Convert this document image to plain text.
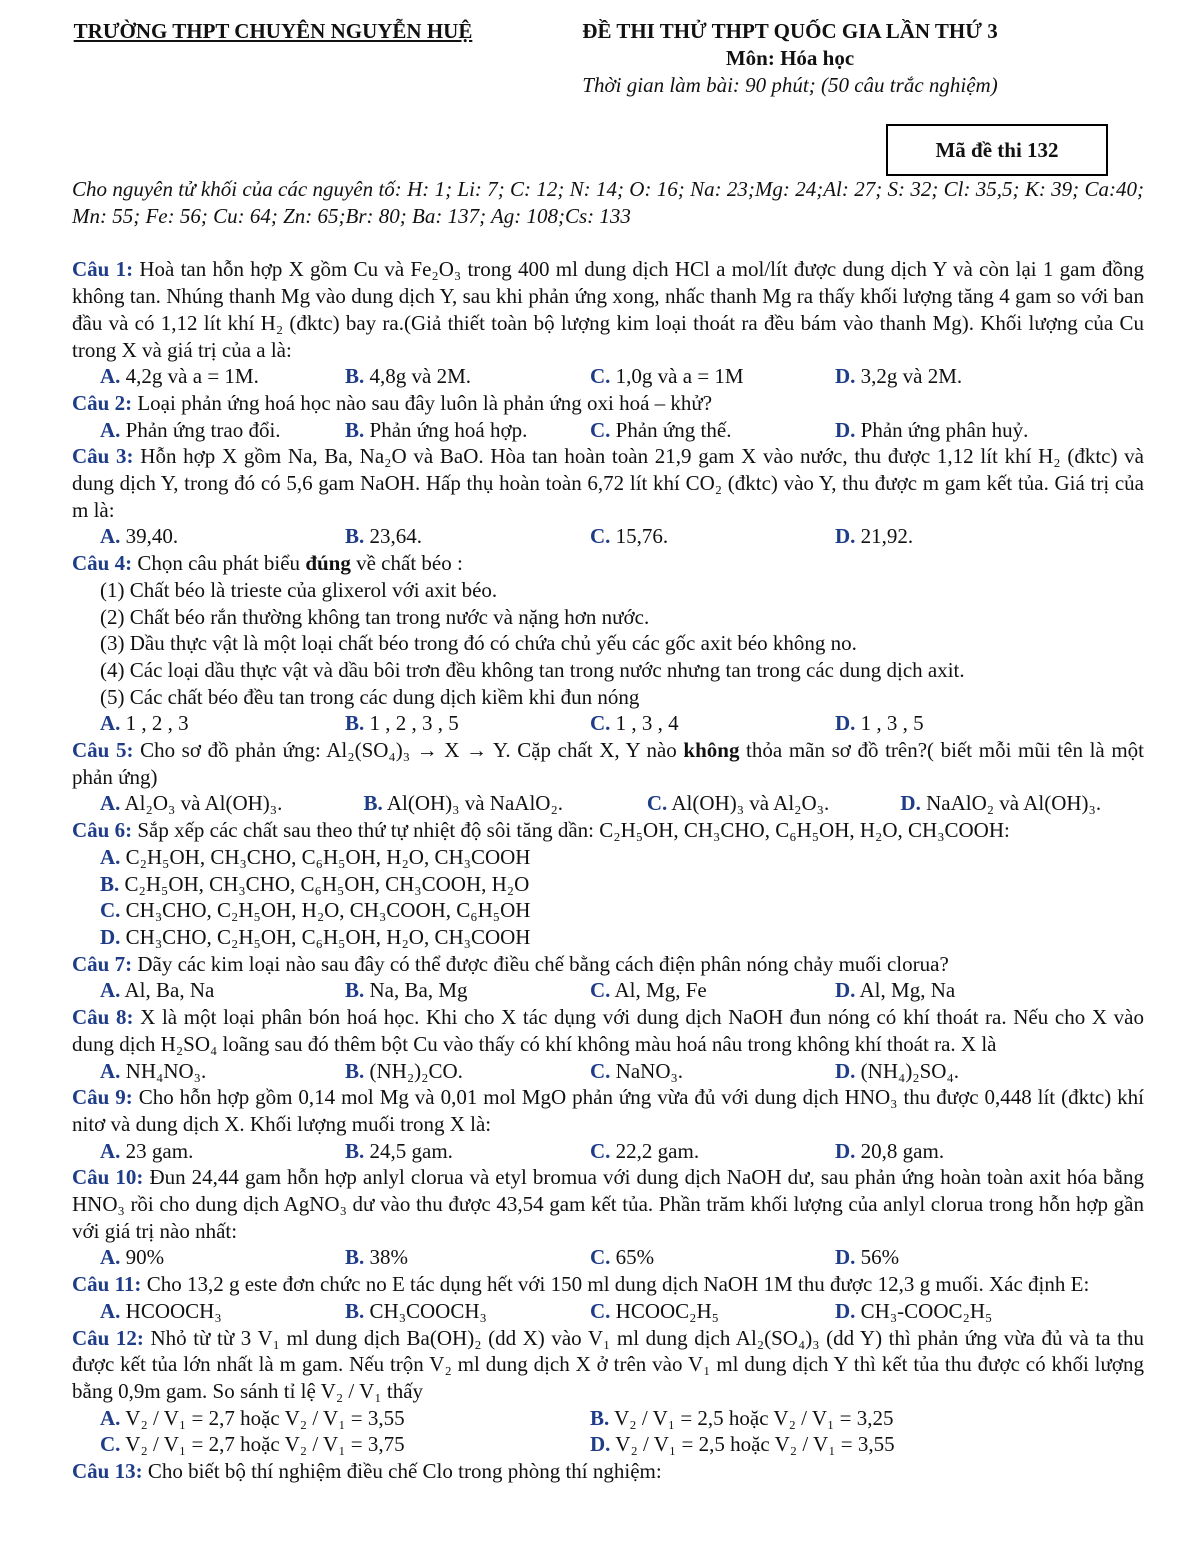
TRƯỜNG THPT CHUYÊN NGUYỄN HUỆ	ĐỀ THI THỬ THPT QUỐC GIA LẦN THỨ 3
Môn: Hóa học
Thời gian làm bài: 90 phút; (50 câu trắc nghiệm)
Mã đề thi 132

Cho nguyên tử khối của các nguyên tố: H: 1; Li: 7; C: 12; N: 14; O: 16; Na: 23;Mg: 24;Al: 27; S: 32; Cl: 35,5; K: 39; Ca:40; Mn: 55; Fe: 56; Cu: 64; Zn: 65;Br: 80; Ba: 137; Ag: 108;Cs: 133

Câu 1: Hoà tan hỗn hợp X gồm Cu và Fe₂O₃ trong 400 ml dung dịch HCl a mol/lít được dung dịch Y và còn lại 1 gam đồng không tan. Nhúng thanh Mg vào dung dịch Y, sau khi phản ứng xong, nhấc thanh Mg ra thấy khối lượng tăng 4 gam so với ban đầu và có 1,12 lít khí H₂ (đktc) bay ra.(Giả thiết toàn bộ lượng kim loại thoát ra đều bám vào thanh Mg). Khối lượng của Cu trong X và giá trị của a là:

A. 4,2g và a = 1M.	B. 4,8g và 2M.	C. 1,0g và a = 1M	D. 3,2g và 2M.

Câu 2: Loại phản ứng hoá học nào sau đây luôn là phản ứng oxi hoá – khử?

A. Phản ứng trao đổi.	B. Phản ứng hoá hợp.	C. Phản ứng thế.	D. Phản ứng phân huỷ.

Câu 3: Hỗn hợp X gồm Na, Ba, Na₂O và BaO. Hòa tan hoàn toàn 21,9 gam X vào nước, thu được 1,12 lít khí H₂ (đktc) và dung dịch Y, trong đó có 5,6 gam NaOH. Hấp thụ hoàn toàn 6,72 lít khí CO₂ (đktc) vào Y, thu được m gam kết tủa. Giá trị của m là:

A. 39,40.	B. 23,64.	C. 15,76.	D. 21,92.

Câu 4: Chọn câu phát biểu đúng về chất béo :

(1) Chất béo là trieste của glixerol với axit béo.

(2) Chất béo rắn thường không tan trong nước và nặng hơn nước.

(3) Dầu thực vật là một loại chất béo trong đó có chứa chủ yếu các gốc axit béo không no.

(4) Các loại dầu thực vật và dầu bôi trơn đều không tan trong nước nhưng tan trong các dung dịch axit.

(5) Các chất béo đều tan trong các dung dịch kiềm khi đun nóng

A. 1 , 2 , 3	B. 1 , 2 , 3 , 5	C. 1 , 3 , 4	D. 1 , 3 , 5

Câu 5: Cho sơ đồ phản ứng: Al₂(SO₄)₃ → X → Y. Cặp chất X, Y nào không thỏa mãn sơ đồ trên?( biết mỗi mũi tên là một phản ứng)

A. Al₂O₃ và Al(OH)₃.	B. Al(OH)₃ và NaAlO₂.	C. Al(OH)₃ và Al₂O₃.	D. NaAlO₂ và Al(OH)₃.

Câu 6: Sắp xếp các chất sau theo thứ tự nhiệt độ sôi tăng dần: C₂H₅OH, CH₃CHO, C₆H₅OH, H₂O, CH₃COOH:

A. C₂H₅OH, CH₃CHO, C₆H₅OH, H₂O, CH₃COOH

B. C₂H₅OH, CH₃CHO, C₆H₅OH, CH₃COOH, H₂O

C. CH₃CHO, C₂H₅OH, H₂O, CH₃COOH, C₆H₅OH

D. CH₃CHO, C₂H₅OH, C₆H₅OH, H₂O, CH₃COOH

Câu 7: Dãy các kim loại nào sau đây có thể được điều chế bằng cách điện phân nóng chảy muối clorua?

A. Al, Ba, Na	B. Na, Ba, Mg	C. Al, Mg, Fe	D. Al, Mg, Na

Câu 8: X là một loại phân bón hoá học. Khi cho X tác dụng với dung dịch NaOH đun nóng có khí thoát ra. Nếu cho X vào dung dịch H₂SO₄ loãng sau đó thêm bột Cu vào thấy có khí không màu hoá nâu trong không khí thoát ra. X là

A. NH₄NO₃.	B. (NH₂)₂CO.	C. NaNO₃.	D. (NH₄)₂SO₄.

Câu 9: Cho hỗn hợp gồm 0,14 mol Mg và 0,01 mol MgO phản ứng vừa đủ với dung dịch HNO₃ thu được 0,448 lít (đktc) khí nitơ và dung dịch X. Khối lượng muối trong X là:

A. 23 gam.	B. 24,5 gam.	C. 22,2 gam.	D. 20,8 gam.

Câu 10: Đun 24,44 gam hỗn hợp anlyl clorua và etyl bromua với dung dịch NaOH dư, sau phản ứng hoàn toàn axit hóa bằng HNO₃ rồi cho dung dịch AgNO₃ dư vào thu được 43,54 gam kết tủa. Phần trăm khối lượng của anlyl clorua trong hỗn hợp gần với giá trị nào nhất:

A. 90%	B. 38%	C. 65%	D. 56%

Câu 11: Cho 13,2 g este đơn chức no E tác dụng hết với 150 ml dung dịch NaOH 1M thu được 12,3 g muối. Xác định E:

A. HCOOCH₃	B. CH₃COOCH₃	C. HCOOC₂H₅	D. CH₃-COOC₂H₅

Câu 12: Nhỏ từ từ 3 V₁ ml dung dịch Ba(OH)₂ (dd X) vào V₁ ml dung dịch Al₂(SO₄)₃ (dd Y) thì phản ứng vừa đủ và ta thu được kết tủa lớn nhất là m gam. Nếu trộn V₂ ml dung dịch X ở trên vào V₁ ml dung dịch Y thì kết tủa thu được có khối lượng bằng 0,9m gam. So sánh tỉ lệ V₂ / V₁ thấy

A. V₂ / V₁ = 2,7 hoặc V₂ / V₁ = 3,55	B. V₂ / V₁ = 2,5 hoặc V₂ / V₁ = 3,25
C. V₂ / V₁ = 2,7 hoặc V₂ / V₁ = 3,75	D. V₂ / V₁ = 2,5 hoặc V₂ / V₁ = 3,55

Câu 13: Cho biết bộ thí nghiệm điều chế Clo trong phòng thí nghiệm:
